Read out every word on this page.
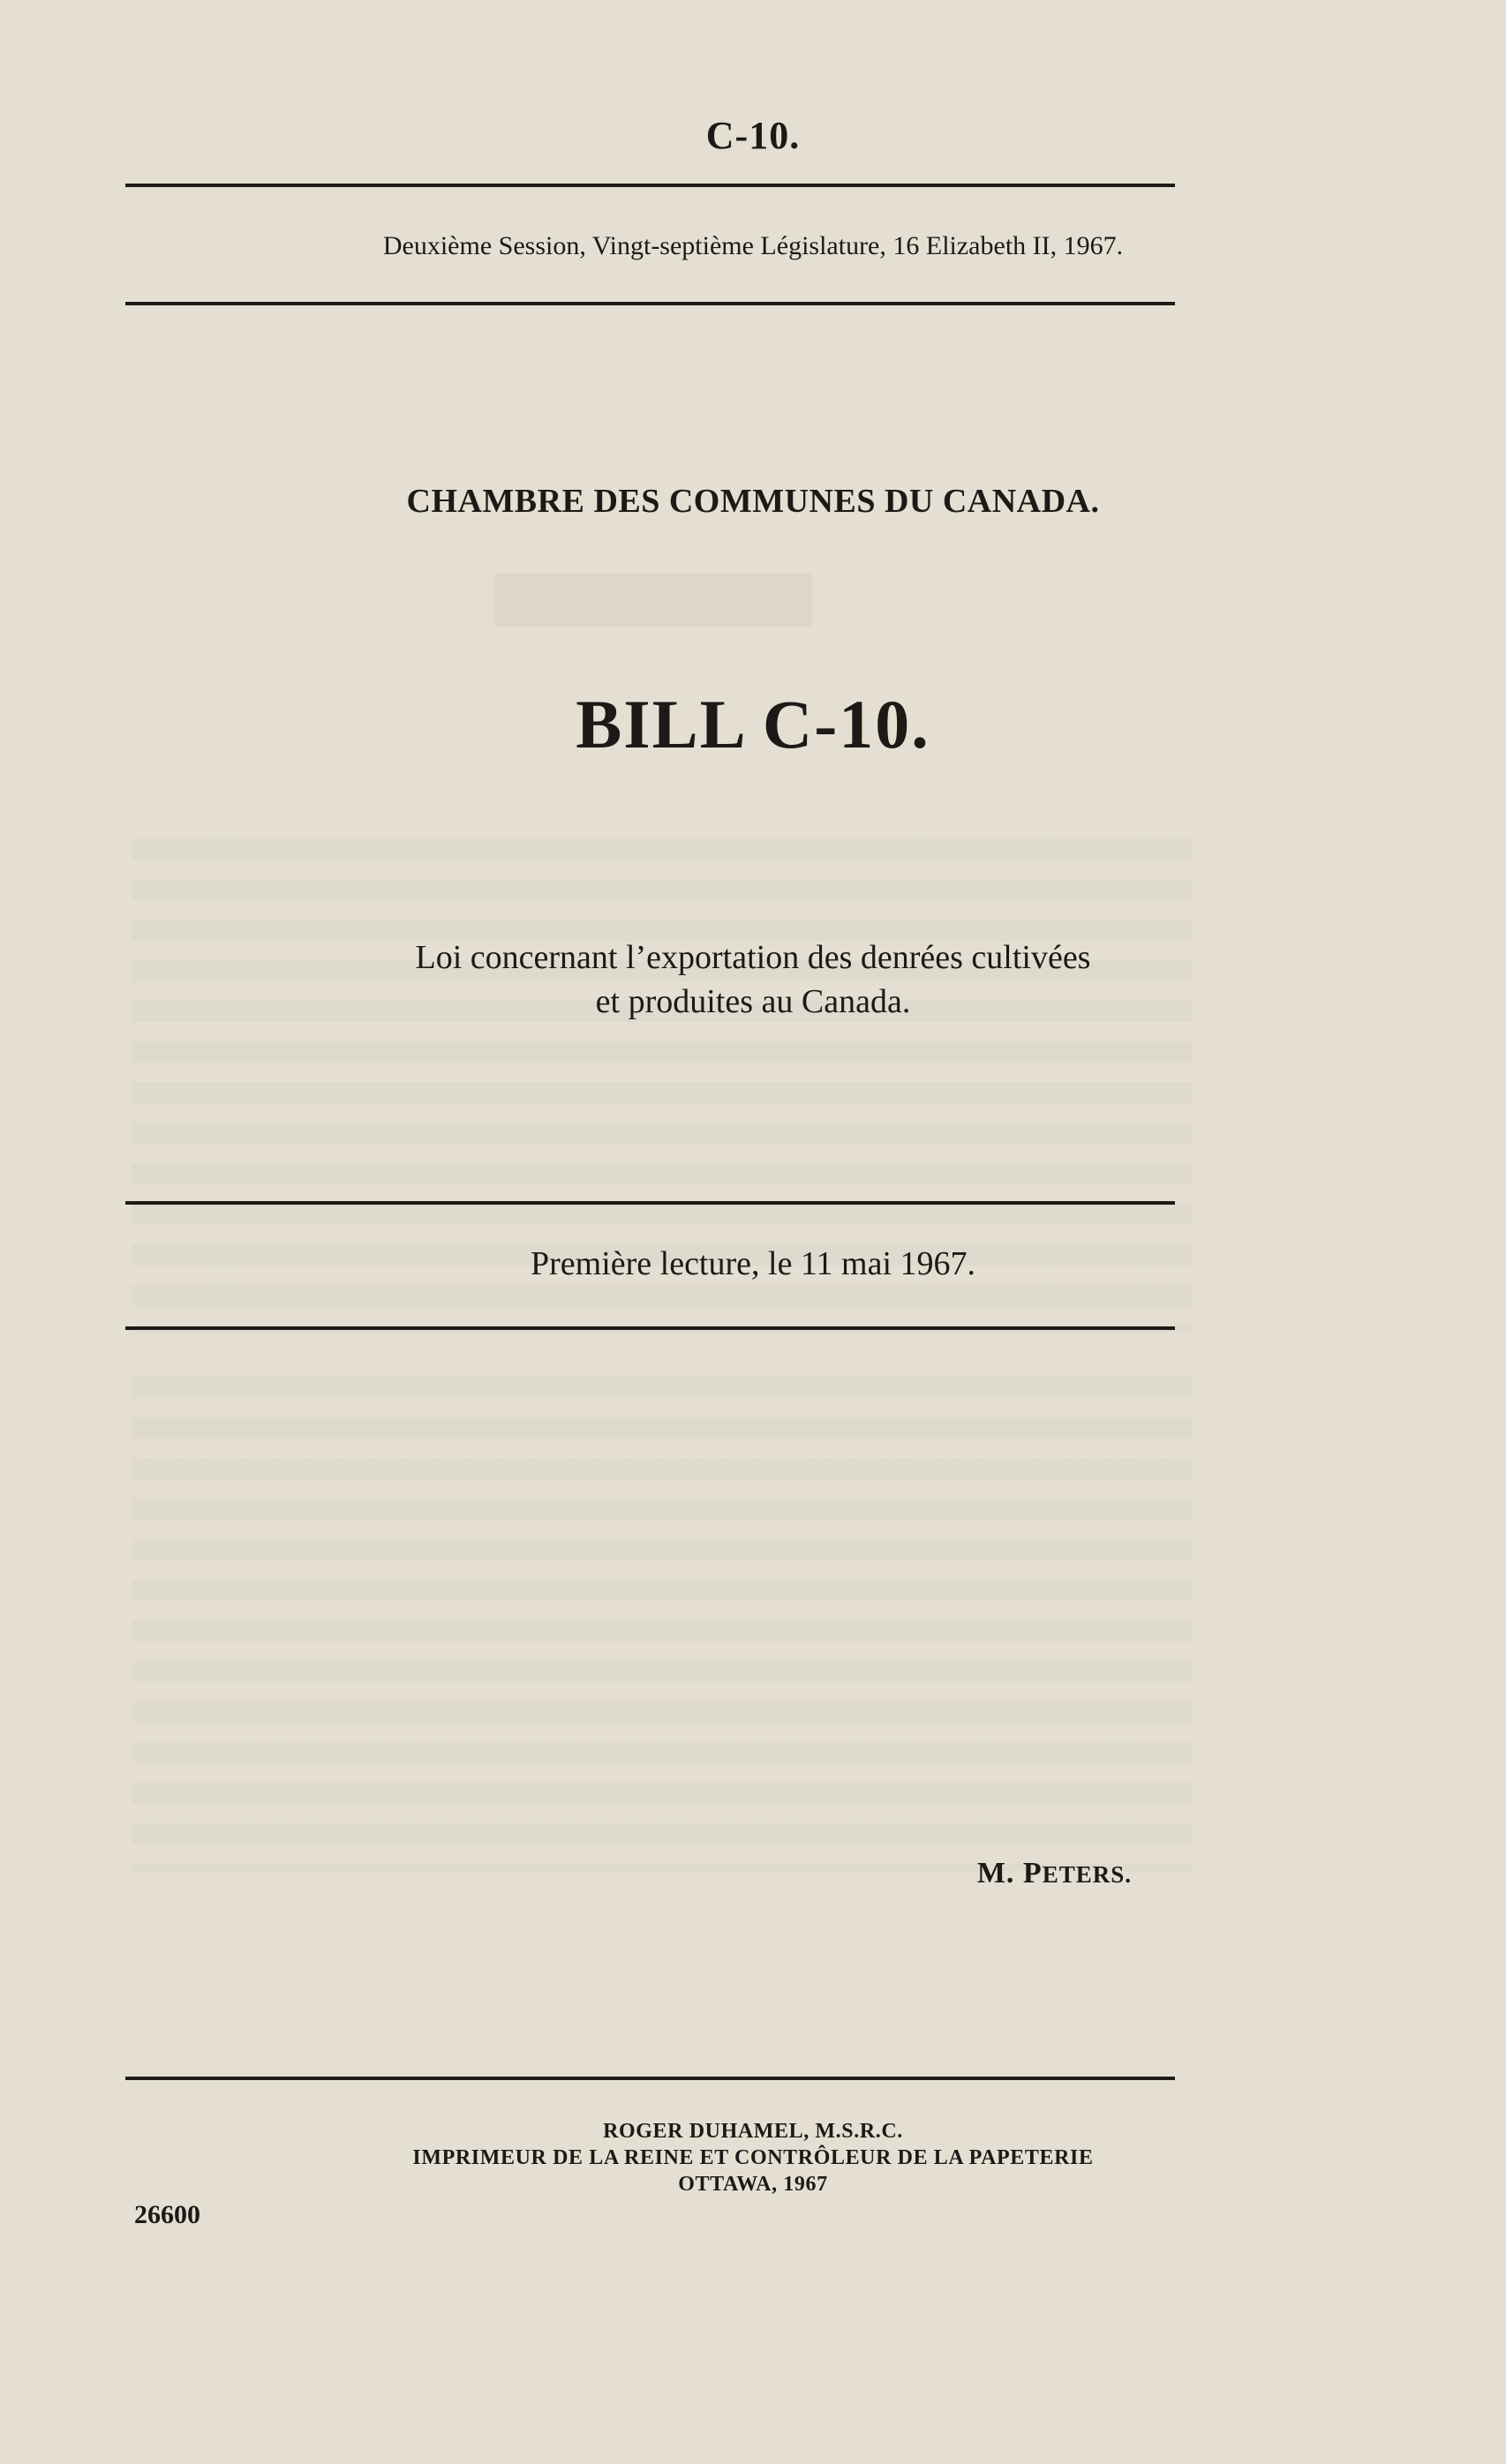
C-10.
Deuxième Session, Vingt-septième Législature, 16 Elizabeth II, 1967.
CHAMBRE DES COMMUNES DU CANADA.
BILL C-10.
Loi concernant l’exportation des denrées cultivées
et produites au Canada.
Première lecture, le 11 mai 1967.
M. PETERS.
ROGER DUHAMEL, M.S.R.C.
IMPRIMEUR DE LA REINE ET CONTRÔLEUR DE LA PAPETERIE
OTTAWA, 1967
26600
